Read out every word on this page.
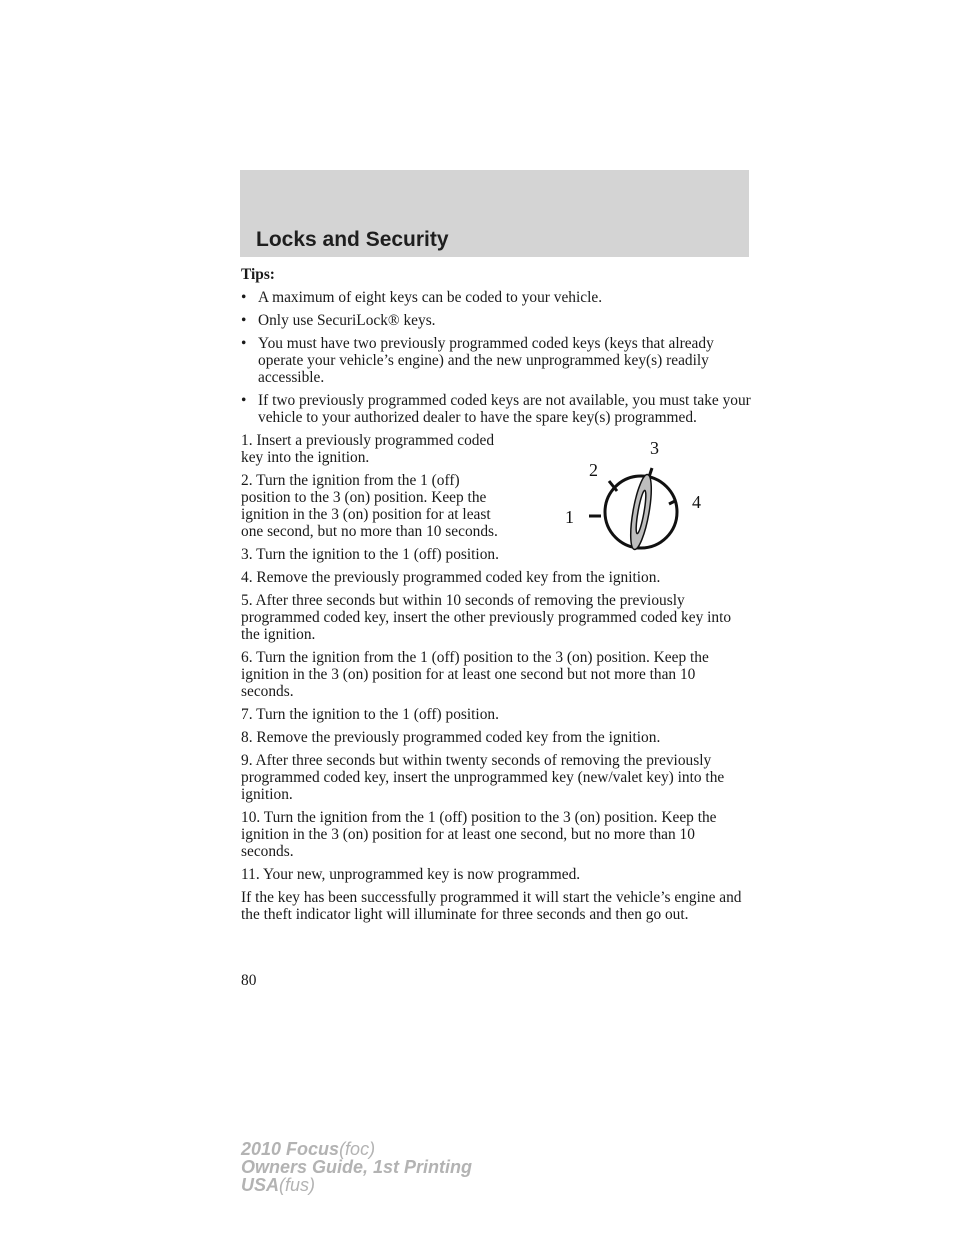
Locks and Security

Tips:

• A maximum of eight keys can be coded to your vehicle.
• Only use SecuriLock® keys.
• You must have two previously programmed coded keys (keys that already operate your vehicle’s engine) and the new unprogrammed key(s) readily accessible.
• If two previously programmed coded keys are not available, you must take your vehicle to your authorized dealer to have the spare key(s) programmed.

1. Insert a previously programmed coded key into the ignition.

2. Turn the ignition from the 1 (off) position to the 3 (on) position. Keep the ignition in the 3 (on) position for at least one second, but no more than 10 seconds.

3. Turn the ignition to the 1 (off) position.

1
2
3
4

4. Remove the previously programmed coded key from the ignition.

5. After three seconds but within 10 seconds of removing the previously programmed coded key, insert the other previously programmed coded key into the ignition.

6. Turn the ignition from the 1 (off) position to the 3 (on) position. Keep the ignition in the 3 (on) position for at least one second but not more than 10 seconds.

7. Turn the ignition to the 1 (off) position.

8. Remove the previously programmed coded key from the ignition.

9. After three seconds but within twenty seconds of removing the previously programmed coded key, insert the unprogrammed key (new/valet key) into the ignition.

10. Turn the ignition from the 1 (off) position to the 3 (on) position. Keep the ignition in the 3 (on) position for at least one second, but no more than 10 seconds.

11. Your new, unprogrammed key is now programmed.

If the key has been successfully programmed it will start the vehicle’s engine and the theft indicator light will illuminate for three seconds and then go out.

80
2010 Focus(foc)
Owners Guide, 1st Printing
USA(fus)
